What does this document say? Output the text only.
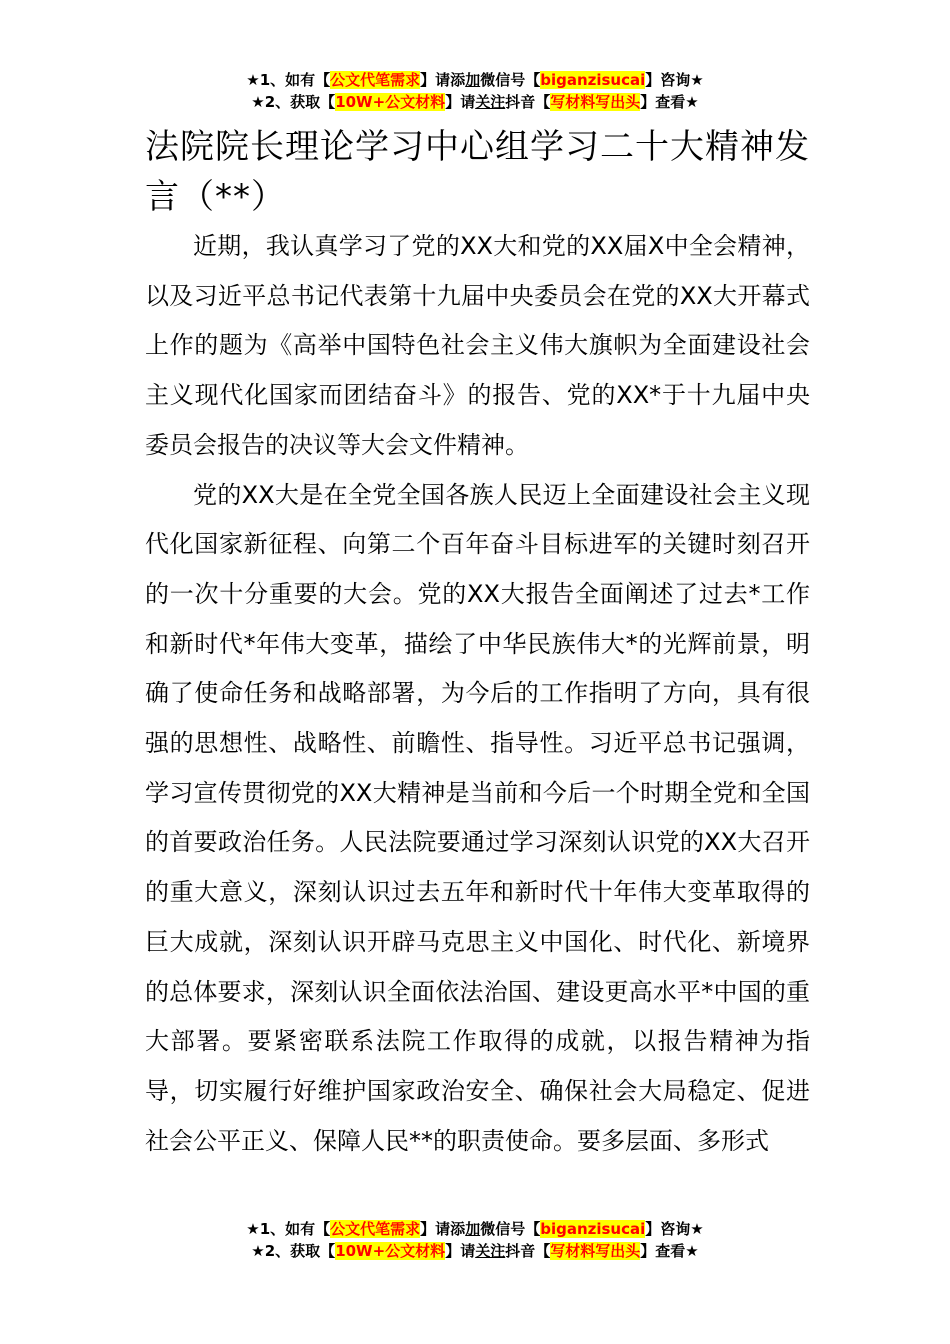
★1、如有【公文代笔需求】请添加微信号【biganzisucai】咨询★
★2、获取【10W+公文材料】请关注抖音【写材料写出头】查看★
法院院长理论学习中心组学习二十大精神发言（**）

近期，我认真学习了党的XX大和党的XX届X中全会精神，以及习近平总书记代表第十九届中央委员会在党的XX大开幕式上作的题为《高举中国特色社会主义伟大旗帜为全面建设社会主义现代化国家而团结奋斗》的报告、党的XX*于十九届中央委员会报告的决议等大会文件精神。

党的XX大是在全党全国各族人民迈上全面建设社会主义现代化国家新征程、向第二个百年奋斗目标进军的关键时刻召开的一次十分重要的大会。党的XX大报告全面阐述了过去*工作和新时代*年伟大变革，描绘了中华民族伟大*的光辉前景，明确了使命任务和战略部署，为今后的工作指明了方向，具有很强的思想性、战略性、前瞻性、指导性。习近平总书记强调，学习宣传贯彻党的XX大精神是当前和今后一个时期全党和全国的首要政治任务。人民法院要通过学习深刻认识党的XX大召开的重大意义，深刻认识过去五年和新时代十年伟大变革取得的巨大成就，深刻认识开辟马克思主义中国化、时代化、新境界的总体要求，深刻认识全面依法治国、建设更高水平*中国的重大部署。要紧密联系法院工作取得的成就，以报告精神为指导，切实履行好维护国家政治安全、确保社会大局稳定、促进社会公平正义、保障人民**的职责使命。要多层面、多形式

★1、如有【公文代笔需求】请添加微信号【biganzisucai】咨询★
★2、获取【10W+公文材料】请关注抖音【写材料写出头】查看★
